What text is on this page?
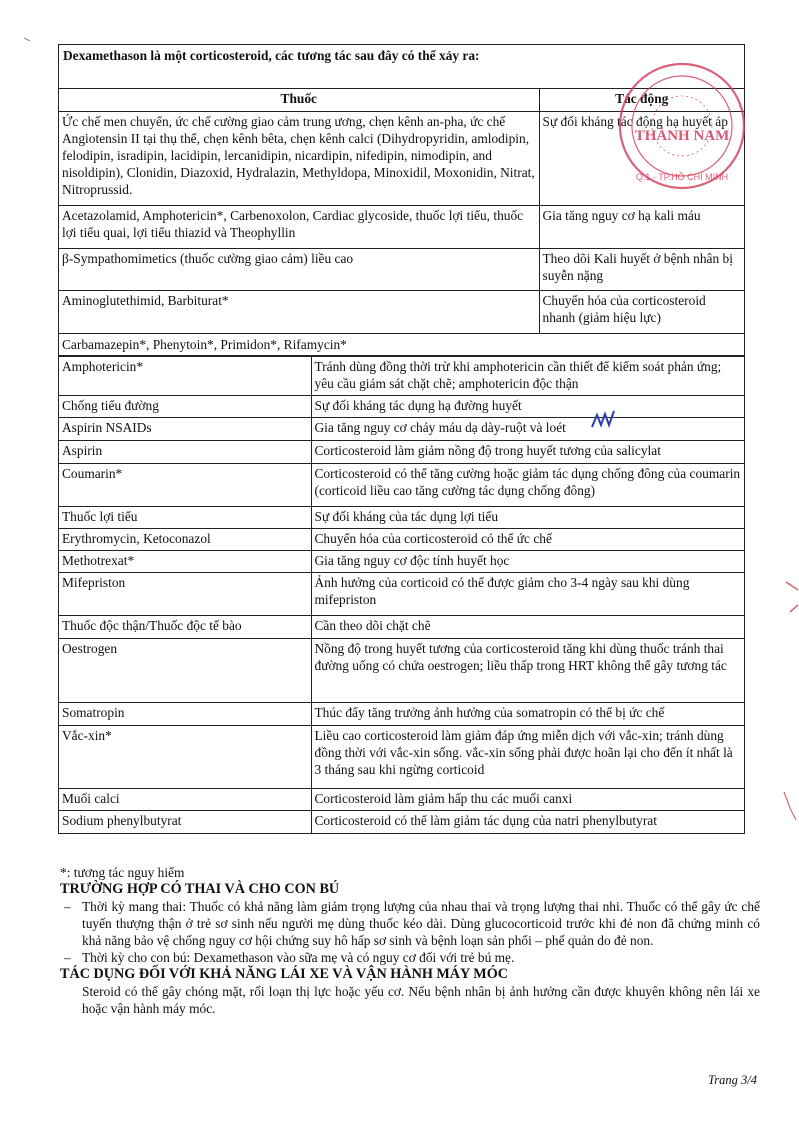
Dexamethason là một corticosteroid, các tương tác sau đây có thể xảy ra:
Thuốc	Tác động
Ức chế men chuyển, ức chế cường giao cảm trung ương, chẹn kênh an-pha, ức chế Angiotensin II tại thụ thể, chẹn kênh bêta, chẹn kênh calci (Dihydropyridin, amlodipin, felodipin, isradipin, lacidipin, lercanidipin, nicardipin, nifedipin, nimodipin, and nisoldipin), Clonidin, Diazoxid, Hydralazin, Methyldopa, Minoxidil, Moxonidin, Nitrat, Nitroprussid.	Sự đối kháng tác động hạ huyết áp
Acetazolamid, Amphotericin*, Carbenoxolon, Cardiac glycoside, thuốc lợi tiểu, thuốc lợi tiểu quai, lợi tiểu thiazid và Theophyllin	Gia tăng nguy cơ hạ kali máu
β-Sympathomimetics (thuốc cường giao cảm) liều cao	Theo dõi Kali huyết ở bệnh nhân bị suyễn nặng
Aminoglutethimid, Barbiturat*	Chuyển hóa của corticosteroid nhanh (giảm hiệu lực)
Carbamazepin*, Phenytoin*, Primidon*, Rifamycin*
Amphotericin*	Tránh dùng đồng thời trừ khi amphotericin cần thiết để kiểm soát phản ứng; yêu cầu giám sát chặt chẽ; amphotericin độc thận
Chống tiểu đường	Sự đối kháng tác dụng hạ đường huyết
Aspirin NSAIDs	Gia tăng nguy cơ chảy máu dạ dày-ruột và loét
Aspirin	Corticosteroid làm giảm nồng độ trong huyết tương của salicylat
Coumarin*	Corticosteroid có thể tăng cường hoặc giảm tác dụng chống đông của coumarin (corticoid liều cao tăng cường tác dụng chống đông)
Thuốc lợi tiểu	Sự đối kháng của tác dụng lợi tiểu
Erythromycin, Ketoconazol	Chuyển hóa của corticosteroid có thể ức chế
Methotrexat*	Gia tăng nguy cơ độc tính huyết học
Mifepriston	Ảnh hưởng của corticoid có thể được giảm cho 3-4 ngày sau khi dùng mifepriston
Thuốc độc thận/Thuốc độc tế bào	Cần theo dõi chặt chẽ
Oestrogen	Nồng độ trong huyết tương của corticosteroid tăng khi dùng thuốc tránh thai đường uống có chứa oestrogen; liều thấp trong HRT không thể gây tương tác
Somatropin	Thúc đẩy tăng trưởng ảnh hưởng của somatropin có thể bị ức chế
Vắc-xin*	Liều cao corticosteroid làm giảm đáp ứng miễn dịch với vắc-xin; tránh dùng đồng thời với vắc-xin sống. vắc-xin sống phải được hoãn lại cho đến ít nhất là 3 tháng sau khi ngừng corticoid
Muối calci	Corticosteroid làm giảm hấp thu các muối canxi
Sodium phenylbutyrat	Corticosteroid có thể làm giảm tác dụng của natri phenylbutyrat
*: tương tác nguy hiểm
TRƯỜNG HỢP CÓ THAI VÀ CHO CON BÚ
– Thời kỳ mang thai: Thuốc có khả năng làm giảm trọng lượng của nhau thai và trọng lượng thai nhi. Thuốc có thể gây ức chế tuyến thượng thận ở trẻ sơ sinh nếu người mẹ dùng thuốc kéo dài. Dùng glucocorticoid trước khi đẻ non đã chứng minh có khả năng bảo vệ chống nguy cơ hội chứng suy hô hấp sơ sinh và bệnh loạn sản phổi – phế quản do đẻ non.
– Thời kỳ cho con bú: Dexamethason vào sữa mẹ và có nguy cơ đối với trẻ bú mẹ.
TÁC DỤNG ĐỐI VỚI KHẢ NĂNG LÁI XE VÀ VẬN HÀNH MÁY MÓC
Steroid có thể gây chóng mặt, rối loạn thị lực hoặc yếu cơ. Nếu bệnh nhân bị ảnh hưởng cần được khuyên không nên lái xe hoặc vận hành máy móc.
Trang 3/4
THÀNH NAM
Q.1 - TP.HỒ CHÍ MINH
